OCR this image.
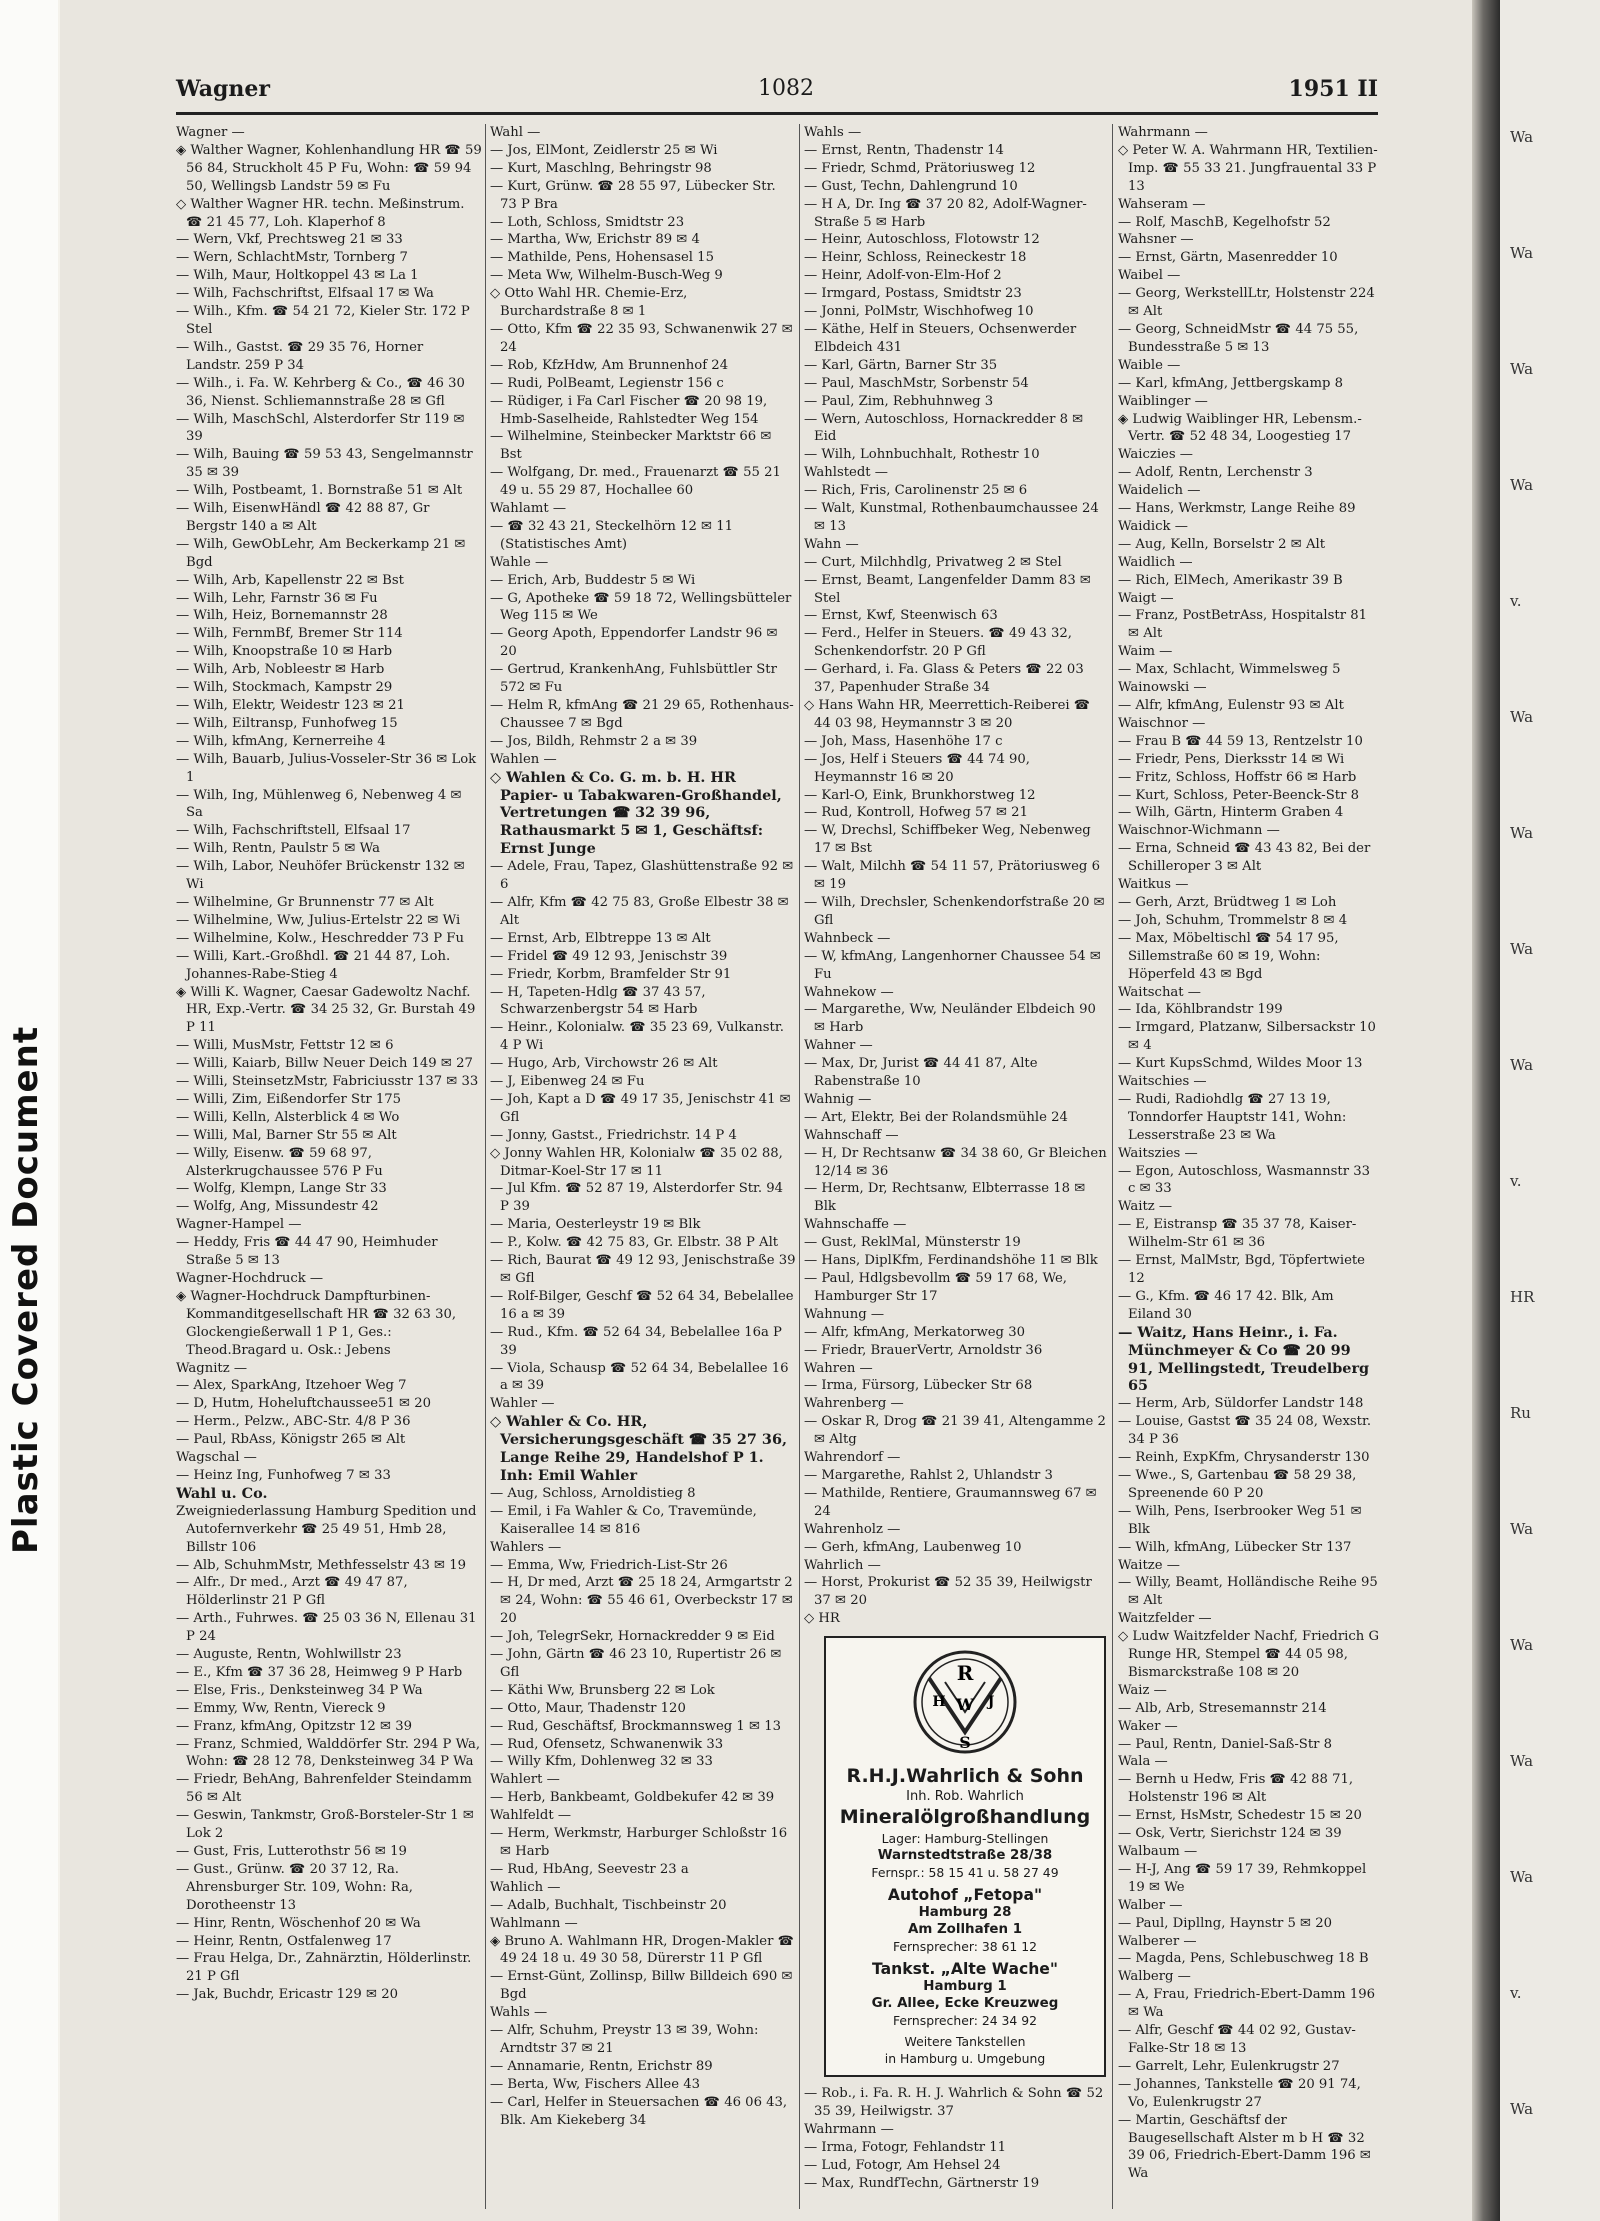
Plastic Covered Document
Wa
Wa
Wa
Wa
v.
Wa
Wa
Wa
Wa
v.
HR
Ru
Wa
Wa
Wa
Wa
v.
Wa
Wagner	1082	1951 II

Wagner —

◈ Walther Wagner, Kohlenhandlung HR ☎ 59 56 84, Struckholt 45 P Fu, Wohn: ☎ 59 94 50, Wellingsb Landstr 59 ✉ Fu

◇ Walther Wagner HR. techn. Meßinstrum. ☎ 21 45 77, Loh. Klaperhof 8

— Wern, Vkf, Prechtsweg 21 ✉ 33

— Wern, SchlachtMstr, Tornberg 7

— Wilh, Maur, Holtkoppel 43 ✉ La 1

— Wilh, Fachschriftst, Elfsaal 17 ✉ Wa

— Wilh., Kfm. ☎ 54 21 72, Kieler Str. 172 P Stel

— Wilh., Gastst. ☎ 29 35 76, Horner Landstr. 259 P 34

— Wilh., i. Fa. W. Kehrberg & Co., ☎ 46 30 36, Nienst. Schliemannstraße 28 ✉ Gfl

— Wilh, MaschSchl, Alsterdorfer Str 119 ✉ 39

— Wilh, Bauing ☎ 59 53 43, Sengelmannstr 35 ✉ 39

— Wilh, Postbeamt, 1. Bornstraße 51 ✉ Alt

— Wilh, EisenwHändl ☎ 42 88 87, Gr Bergstr 140 a ✉ Alt

— Wilh, GewObLehr, Am Beckerkamp 21 ✉ Bgd

— Wilh, Arb, Kapellenstr 22 ✉ Bst

— Wilh, Lehr, Farnstr 36 ✉ Fu

— Wilh, Heiz, Bornemannstr 28

— Wilh, FernmBf, Bremer Str 114

— Wilh, Knoopstraße 10 ✉ Harb

— Wilh, Arb, Nobleestr ✉ Harb

— Wilh, Stockmach, Kampstr 29

— Wilh, Elektr, Weidestr 123 ✉ 21

— Wilh, Eiltransp, Funhofweg 15

— Wilh, kfmAng, Kernerreihe 4

— Wilh, Bauarb, Julius-Vosseler-Str 36 ✉ Lok 1

— Wilh, Ing, Mühlenweg 6, Nebenweg 4 ✉ Sa

— Wilh, Fachschriftstell, Elfsaal 17

— Wilh, Rentn, Paulstr 5 ✉ Wa

— Wilh, Labor, Neuhöfer Brückenstr 132 ✉ Wi

— Wilhelmine, Gr Brunnenstr 77 ✉ Alt

— Wilhelmine, Ww, Julius-Ertelstr 22 ✉ Wi

— Wilhelmine, Kolw., Heschredder 73 P Fu

— Willi, Kart.-Großhdl. ☎ 21 44 87, Loh. Johannes-Rabe-Stieg 4

◈ Willi K. Wagner, Caesar Gadewoltz Nachf. HR, Exp.-Vertr. ☎ 34 25 32, Gr. Burstah 49 P 11

— Willi, MusMstr, Fettstr 12 ✉ 6

— Willi, Kaiarb, Billw Neuer Deich 149 ✉ 27

— Willi, SteinsetzMstr, Fabriciusstr 137 ✉ 33

— Willi, Zim, Eißendorfer Str 175

— Willi, Kelln, Alsterblick 4 ✉ Wo

— Willi, Mal, Barner Str 55 ✉ Alt

— Willy, Eisenw. ☎ 59 68 97, Alsterkrugchaussee 576 P Fu

— Wolfg, Klempn, Lange Str 33

— Wolfg, Ang, Missundestr 42

Wagner-Hampel —

— Heddy, Fris ☎ 44 47 90, Heimhuder Straße 5 ✉ 13

Wagner-Hochdruck —

◈ Wagner-Hochdruck Dampfturbinen-Kommanditgesellschaft HR ☎ 32 63 30, Glockengießerwall 1 P 1, Ges.: Theod.Bragard u. Osk.: Jebens

Wagnitz —

— Alex, SparkAng, Itzehoer Weg 7

— D, Hutm, Hoheluftchaussee51 ✉ 20

— Herm., Pelzw., ABC-Str. 4/8 P 36

— Paul, RbAss, Königstr 265 ✉ Alt

Wagschal —

— Heinz Ing, Funhofweg 7 ✉ 33

Wahl u. Co.

Zweigniederlassung Hamburg Spedition und Autofernverkehr ☎ 25 49 51, Hmb 28, Billstr 106

— Alb, SchuhmMstr, Methfesselstr 43 ✉ 19

— Alfr., Dr med., Arzt ☎ 49 47 87, Hölderlinstr 21 P Gfl

— Arth., Fuhrwes. ☎ 25 03 36 N, Ellenau 31 P 24

— Auguste, Rentn, Wohlwillstr 23

— E., Kfm ☎ 37 36 28, Heimweg 9 P Harb

— Else, Fris., Denksteinweg 34 P Wa

— Emmy, Ww, Rentn, Viereck 9

— Franz, kfmAng, Opitzstr 12 ✉ 39

— Franz, Schmied, Walddörfer Str. 294 P Wa, Wohn: ☎ 28 12 78, Denksteinweg 34 P Wa

— Friedr, BehAng, Bahrenfelder Steindamm 56 ✉ Alt

— Geswin, Tankmstr, Groß-Borsteler-Str 1 ✉ Lok 2

— Gust, Fris, Lutterothstr 56 ✉ 19

— Gust., Grünw. ☎ 20 37 12, Ra. Ahrensburger Str. 109, Wohn: Ra, Dorotheenstr 13

— Hinr, Rentn, Wöschenhof 20 ✉ Wa

— Heinr, Rentn, Ostfalenweg 17

— Frau Helga, Dr., Zahnärztin, Hölderlinstr. 21 P Gfl

— Jak, Buchdr, Ericastr 129 ✉ 20

Wahl —

— Jos, ElMont, Zeidlerstr 25 ✉ Wi

— Kurt, Maschlng, Behringstr 98

— Kurt, Grünw. ☎ 28 55 97, Lübecker Str. 73 P Bra

— Loth, Schloss, Smidtstr 23

— Martha, Ww, Erichstr 89 ✉ 4

— Mathilde, Pens, Hohensasel 15

— Meta Ww, Wilhelm-Busch-Weg 9

◇ Otto Wahl HR. Chemie-Erz, Burchardstraße 8 ✉ 1

— Otto, Kfm ☎ 22 35 93, Schwanenwik 27 ✉ 24

— Rob, KfzHdw, Am Brunnenhof 24

— Rudi, PolBeamt, Legienstr 156 c

— Rüdiger, i Fa Carl Fischer ☎ 20 98 19, Hmb-Saselheide, Rahlstedter Weg 154

— Wilhelmine, Steinbecker Marktstr 66 ✉ Bst

— Wolfgang, Dr. med., Frauenarzt ☎ 55 21 49 u. 55 29 87, Hochallee 60

Wahlamt —

— ☎ 32 43 21, Steckelhörn 12 ✉ 11 (Statistisches Amt)

Wahle —

— Erich, Arb, Buddestr 5 ✉ Wi

— G, Apotheke ☎ 59 18 72, Wellingsbütteler Weg 115 ✉ We

— Georg Apoth, Eppendorfer Landstr 96 ✉ 20

— Gertrud, KrankenhAng, Fuhlsbüttler Str 572 ✉ Fu

— Helm R, kfmAng ☎ 21 29 65, Rothenhaus-Chaussee 7 ✉ Bgd

— Jos, Bildh, Rehmstr 2 a ✉ 39

Wahlen —

◇ Wahlen & Co. G. m. b. H. HR Papier- u Tabakwaren-Großhandel, Vertretungen ☎ 32 39 96, Rathausmarkt 5 ✉ 1, Geschäftsf: Ernst Junge

— Adele, Frau, Tapez, Glashüttenstraße 92 ✉ 6

— Alfr, Kfm ☎ 42 75 83, Große Elbestr 38 ✉ Alt

— Ernst, Arb, Elbtreppe 13 ✉ Alt

— Fridel ☎ 49 12 93, Jenischstr 39

— Friedr, Korbm, Bramfelder Str 91

— H, Tapeten-Hdlg ☎ 37 43 57, Schwarzenbergstr 54 ✉ Harb

— Heinr., Kolonialw. ☎ 35 23 69, Vulkanstr. 4 P Wi

— Hugo, Arb, Virchowstr 26 ✉ Alt

— J, Eibenweg 24 ✉ Fu

— Joh, Kapt a D ☎ 49 17 35, Jenischstr 41 ✉ Gfl

— Jonny, Gastst., Friedrichstr. 14 P 4

◇ Jonny Wahlen HR, Kolonialw ☎ 35 02 88, Ditmar-Koel-Str 17 ✉ 11

— Jul Kfm. ☎ 52 87 19, Alsterdorfer Str. 94 P 39

— Maria, Oesterleystr 19 ✉ Blk

— P., Kolw. ☎ 42 75 83, Gr. Elbstr. 38 P Alt

— Rich, Baurat ☎ 49 12 93, Jenischstraße 39 ✉ Gfl

— Rolf-Bilger, Geschf ☎ 52 64 34, Bebelallee 16 a ✉ 39

— Rud., Kfm. ☎ 52 64 34, Bebelallee 16a P 39

— Viola, Schausp ☎ 52 64 34, Bebelallee 16 a ✉ 39

Wahler —

◇ Wahler & Co. HR, Versicherungsgeschäft ☎ 35 27 36, Lange Reihe 29, Handelshof P 1. Inh: Emil Wahler

— Aug, Schloss, Arnoldistieg 8

— Emil, i Fa Wahler & Co, Travemünde, Kaiserallee 14 ✉ 816

Wahlers —

— Emma, Ww, Friedrich-List-Str 26

— H, Dr med, Arzt ☎ 25 18 24, Armgartstr 2 ✉ 24, Wohn: ☎ 55 46 61, Overbeckstr 17 ✉ 20

— Joh, TelegrSekr, Hornackredder 9 ✉ Eid

— John, Gärtn ☎ 46 23 10, Rupertistr 26 ✉ Gfl

— Käthi Ww, Brunsberg 22 ✉ Lok

— Otto, Maur, Thadenstr 120

— Rud, Geschäftsf, Brockmannsweg 1 ✉ 13

— Rud, Ofensetz, Schwanenwik 33

— Willy Kfm, Dohlenweg 32 ✉ 33

Wahlert —

— Herb, Bankbeamt, Goldbekufer 42 ✉ 39

Wahlfeldt —

— Herm, Werkmstr, Harburger Schloßstr 16 ✉ Harb

— Rud, HbAng, Seevestr 23 a

Wahlich —

— Adalb, Buchhalt, Tischbeinstr 20

Wahlmann —

◈ Bruno A. Wahlmann HR, Drogen-Makler ☎ 49 24 18 u. 49 30 58, Dürerstr 11 P Gfl

— Ernst-Günt, Zollinsp, Billw Billdeich 690 ✉ Bgd

Wahls —

— Alfr, Schuhm, Preystr 13 ✉ 39, Wohn: Arndtstr 37 ✉ 21

— Annamarie, Rentn, Erichstr 89

— Berta, Ww, Fischers Allee 43

— Carl, Helfer in Steuersachen ☎ 46 06 43, Blk. Am Kiekeberg 34

Wahls —

— Ernst, Rentn, Thadenstr 14

— Friedr, Schmd, Prätoriusweg 12

— Gust, Techn, Dahlengrund 10

— H A, Dr. Ing ☎ 37 20 82, Adolf-Wagner-Straße 5 ✉ Harb

— Heinr, Autoschloss, Flotowstr 12

— Heinr, Schloss, Reineckestr 18

— Heinr, Adolf-von-Elm-Hof 2

— Irmgard, Postass, Smidtstr 23

— Jonni, PolMstr, Wischhofweg 10

— Käthe, Helf in Steuers, Ochsenwerder Elbdeich 431

— Karl, Gärtn, Barner Str 35

— Paul, MaschMstr, Sorbenstr 54

— Paul, Zim, Rebhuhnweg 3

— Wern, Autoschloss, Hornackredder 8 ✉ Eid

— Wilh, Lohnbuchhalt, Rothestr 10

Wahlstedt —

— Rich, Fris, Carolinenstr 25 ✉ 6

— Walt, Kunstmal, Rothenbaumchaussee 24 ✉ 13

Wahn —

— Curt, Milchhdlg, Privatweg 2 ✉ Stel

— Ernst, Beamt, Langenfelder Damm 83 ✉ Stel

— Ernst, Kwf, Steenwisch 63

— Ferd., Helfer in Steuers. ☎ 49 43 32, Schenkendorfstr. 20 P Gfl

— Gerhard, i. Fa. Glass & Peters ☎ 22 03 37, Papenhuder Straße 34

◇ Hans Wahn HR, Meerrettich-Reiberei ☎ 44 03 98, Heymannstr 3 ✉ 20

— Joh, Mass, Hasenhöhe 17 c

— Jos, Helf i Steuers ☎ 44 74 90, Heymannstr 16 ✉ 20

— Karl-O, Eink, Brunkhorstweg 12

— Rud, Kontroll, Hofweg 57 ✉ 21

— W, Drechsl, Schiffbeker Weg, Nebenweg 17 ✉ Bst

— Walt, Milchh ☎ 54 11 57, Prätoriusweg 6 ✉ 19

— Wilh, Drechsler, Schenkendorfstraße 20 ✉ Gfl

Wahnbeck —

— W, kfmAng, Langenhorner Chaussee 54 ✉ Fu

Wahnekow —

— Margarethe, Ww, Neuländer Elbdeich 90 ✉ Harb

Wahner —

— Max, Dr, Jurist ☎ 44 41 87, Alte Rabenstraße 10

Wahnig —

— Art, Elektr, Bei der Rolandsmühle 24

Wahnschaff —

— H, Dr Rechtsanw ☎ 34 38 60, Gr Bleichen 12/14 ✉ 36

— Herm, Dr, Rechtsanw, Elbterrasse 18 ✉ Blk

Wahnschaffe —

— Gust, ReklMal, Münsterstr 19

— Hans, DiplKfm, Ferdinandshöhe 11 ✉ Blk

— Paul, Hdlgsbevollm ☎ 59 17 68, We, Hamburger Str 17

Wahnung —

— Alfr, kfmAng, Merkatorweg 30

— Friedr, BrauerVertr, Arnoldstr 36

Wahren —

— Irma, Fürsorg, Lübecker Str 68

Wahrenberg —

— Oskar R, Drog ☎ 21 39 41, Altengamme 2 ✉ Altg

Wahrendorf —

— Margarethe, Rahlst 2, Uhlandstr 3

— Mathilde, Rentiere, Graumannsweg 67 ✉ 24

Wahrenholz —

— Gerh, kfmAng, Laubenweg 10

Wahrlich —

— Horst, Prokurist ☎ 52 35 39, Heilwigstr 37 ✉ 20

◇ HR

R
H	J
W
S

R.H.J.Wahrlich & Sohn

Inh. Rob. Wahrlich

Mineralölgroßhandlung

Lager: Hamburg-Stellingen

Warnstedtstraße 28/38

Fernspr.: 58 15 41 u. 58 27 49

Autohof „Fetopa"

Hamburg 28

Am Zollhafen 1

Fernsprecher: 38 61 12

Tankst. „Alte Wache"

Hamburg 1

Gr. Allee, Ecke Kreuzweg

Fernsprecher: 24 34 92

Weitere Tankstellen

in Hamburg u. Umgebung

— Rob., i. Fa. R. H. J. Wahrlich & Sohn ☎ 52 35 39, Heilwigstr. 37

Wahrmann —

— Irma, Fotogr, Fehlandstr 11

— Lud, Fotogr, Am Hehsel 24

— Max, RundfTechn, Gärtnerstr 19

Wahrmann —

◇ Peter W. A. Wahrmann HR, Textilien-Imp. ☎ 55 33 21. Jungfrauental 33 P 13

Wahseram —

— Rolf, MaschB, Kegelhofstr 52

Wahsner —

— Ernst, Gärtn, Masenredder 10

Waibel —

— Georg, WerkstellLtr, Holstenstr 224 ✉ Alt

— Georg, SchneidMstr ☎ 44 75 55, Bundesstraße 5 ✉ 13

Waible —

— Karl, kfmAng, Jettbergskamp 8

Waiblinger —

◈ Ludwig Waiblinger HR, Lebensm.-Vertr. ☎ 52 48 34, Loogestieg 17

Waiczies —

— Adolf, Rentn, Lerchenstr 3

Waidelich —

— Hans, Werkmstr, Lange Reihe 89

Waidick —

— Aug, Kelln, Borselstr 2 ✉ Alt

Waidlich —

— Rich, ElMech, Amerikastr 39 B

Waigt —

— Franz, PostBetrAss, Hospitalstr 81 ✉ Alt

Waim —

— Max, Schlacht, Wimmelsweg 5

Wainowski —

— Alfr, kfmAng, Eulenstr 93 ✉ Alt

Waischnor —

— Frau B ☎ 44 59 13, Rentzelstr 10

— Friedr, Pens, Dierksstr 14 ✉ Wi

— Fritz, Schloss, Hoffstr 66 ✉ Harb

— Kurt, Schloss, Peter-Beenck-Str 8

— Wilh, Gärtn, Hinterm Graben 4

Waischnor-Wichmann —

— Erna, Schneid ☎ 43 43 82, Bei der Schilleroper 3 ✉ Alt

Waitkus —

— Gerh, Arzt, Brüdtweg 1 ✉ Loh

— Joh, Schuhm, Trommelstr 8 ✉ 4

— Max, Möbeltischl ☎ 54 17 95, Sillemstraße 60 ✉ 19, Wohn: Höperfeld 43 ✉ Bgd

Waitschat —

— Ida, Köhlbrandstr 199

— Irmgard, Platzanw, Silbersackstr 10 ✉ 4

— Kurt KupsSchmd, Wildes Moor 13

Waitschies —

— Rudi, Radiohdlg ☎ 27 13 19, Tonndorfer Hauptstr 141, Wohn: Lesserstraße 23 ✉ Wa

Waitszies —

— Egon, Autoschloss, Wasmannstr 33 c ✉ 33

Waitz —

— E, Eistransp ☎ 35 37 78, Kaiser-Wilhelm-Str 61 ✉ 36

— Ernst, MalMstr, Bgd, Töpfertwiete 12

— G., Kfm. ☎ 46 17 42. Blk, Am Eiland 30

— Waitz, Hans Heinr., i. Fa. Münchmeyer & Co ☎ 20 99 91, Mellingstedt, Treudelberg 65

— Herm, Arb, Süldorfer Landstr 148

— Louise, Gastst ☎ 35 24 08, Wexstr. 34 P 36

— Reinh, ExpKfm, Chrysanderstr 130

— Wwe., S, Gartenbau ☎ 58 29 38, Spreenende 60 P 20

— Wilh, Pens, Iserbrooker Weg 51 ✉ Blk

— Wilh, kfmAng, Lübecker Str 137

Waitze —

— Willy, Beamt, Holländische Reihe 95 ✉ Alt

Waitzfelder —

◇ Ludw Waitzfelder Nachf, Friedrich G Runge HR, Stempel ☎ 44 05 98, Bismarckstraße 108 ✉ 20

Waiz —

— Alb, Arb, Stresemannstr 214

Waker —

— Paul, Rentn, Daniel-Saß-Str 8

Wala —

— Bernh u Hedw, Fris ☎ 42 88 71, Holstenstr 196 ✉ Alt

— Ernst, HsMstr, Schedestr 15 ✉ 20

— Osk, Vertr, Sierichstr 124 ✉ 39

Walbaum —

— H-J, Ang ☎ 59 17 39, Rehmkoppel 19 ✉ We

Walber —

— Paul, Dipllng, Haynstr 5 ✉ 20

Walberer —

— Magda, Pens, Schlebuschweg 18 B

Walberg —

— A, Frau, Friedrich-Ebert-Damm 196 ✉ Wa

— Alfr, Geschf ☎ 44 02 92, Gustav-Falke-Str 18 ✉ 13

— Garrelt, Lehr, Eulenkrugstr 27

— Johannes, Tankstelle ☎ 20 91 74, Vo, Eulenkrugstr 27

— Martin, Geschäftsf der Baugesellschaft Alster m b H ☎ 32 39 06, Friedrich-Ebert-Damm 196 ✉ Wa
